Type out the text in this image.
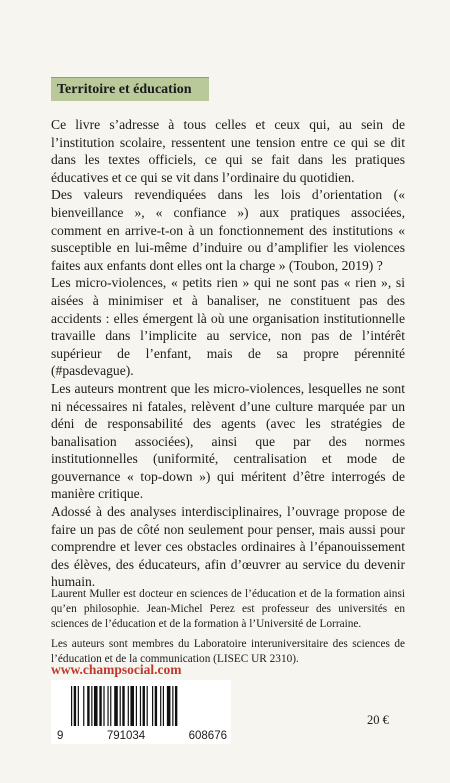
Territoire et éducation

Ce livre s’adresse à tous celles et ceux qui, au sein de l’institution scolaire, ressentent une tension entre ce qui se dit dans les textes officiels, ce qui se fait dans les pratiques éducatives et ce qui se vit dans l’ordinaire du quotidien.

Des valeurs revendiquées dans les lois d’orientation (« bienveillance », « confiance ») aux pratiques associées, comment en arrive-t-on à un fonctionnement des institutions « susceptible en lui-même d’induire ou d’amplifier les violences faites aux enfants dont elles ont la charge » (Toubon, 2019) ?

Les micro-violences, « petits rien » qui ne sont pas « rien », si aisées à minimiser et à banaliser, ne constituent pas des accidents : elles émergent là où une organisation institutionnelle travaille dans l’implicite au service, non pas de l’intérêt supérieur de l’enfant, mais de sa propre pérennité (#pasdevague).

Les auteurs montrent que les micro-violences, lesquelles ne sont ni nécessaires ni fatales, relèvent d’une culture marquée par un déni de responsabilité des agents (avec les stratégies de banalisation associées), ainsi que par des normes institutionnelles (uniformité, centralisation et mode de gouvernance « top-down ») qui méritent d’être interrogés de manière critique.

Adossé à des analyses interdisciplinaires, l’ouvrage propose de faire un pas de côté non seulement pour penser, mais aussi pour comprendre et lever ces obstacles ordinaires à l’épanouissement des élèves, des éducateurs, afin d’œuvrer au service du devenir humain.

Laurent Muller est docteur en sciences de l’éducation et de la formation ainsi qu’en philosophie. Jean-Michel Perez est professeur des universités en sciences de l’éducation et de la formation à l’Université de Lorraine.

Les auteurs sont membres du Laboratoire interuniversitaire des sciences de l’éducation et de la communication (LISEC UR 2310).

www.champsocial.com
9	791034	608676
20 €
